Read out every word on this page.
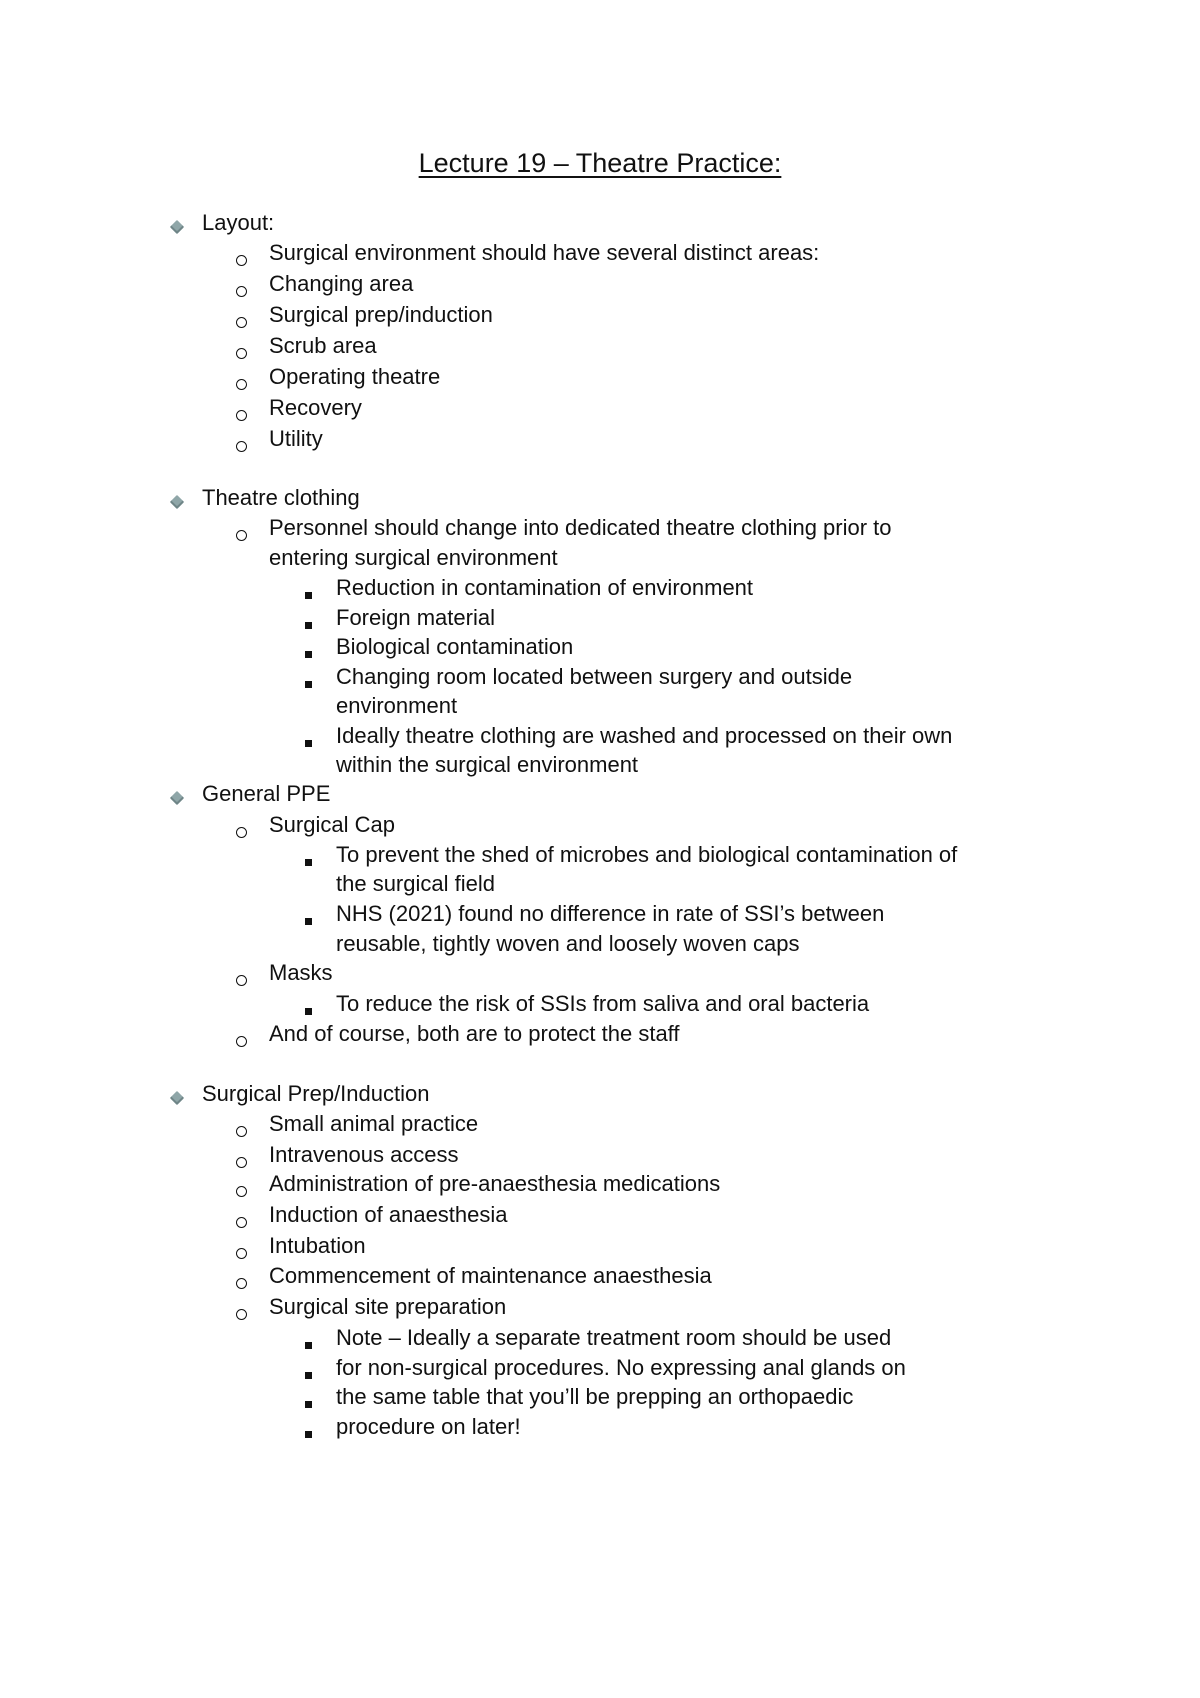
Lecture 19 – Theatre Practice:
Layout:
Surgical environment should have several distinct areas:
Changing area
Surgical prep/induction
Scrub area
Operating theatre
Recovery
Utility
Theatre clothing
Personnel should change into dedicated theatre clothing prior to
entering surgical environment
Reduction in contamination of environment
Foreign material
Biological contamination
Changing room located between surgery and outside
environment
Ideally theatre clothing are washed and processed on their own
within the surgical environment
General PPE
Surgical Cap
To prevent the shed of microbes and biological contamination of
the surgical field
NHS (2021) found no difference in rate of SSI’s between
reusable, tightly woven and loosely woven caps
Masks
To reduce the risk of SSIs from saliva and oral bacteria
And of course, both are to protect the staff
Surgical Prep/Induction
Small animal practice
Intravenous access
Administration of pre-anaesthesia medications
Induction of anaesthesia
Intubation
Commencement of maintenance anaesthesia
Surgical site preparation
Note – Ideally a separate treatment room should be used
for non-surgical procedures. No expressing anal glands on
the same table that you’ll be prepping an orthopaedic
procedure on later!
